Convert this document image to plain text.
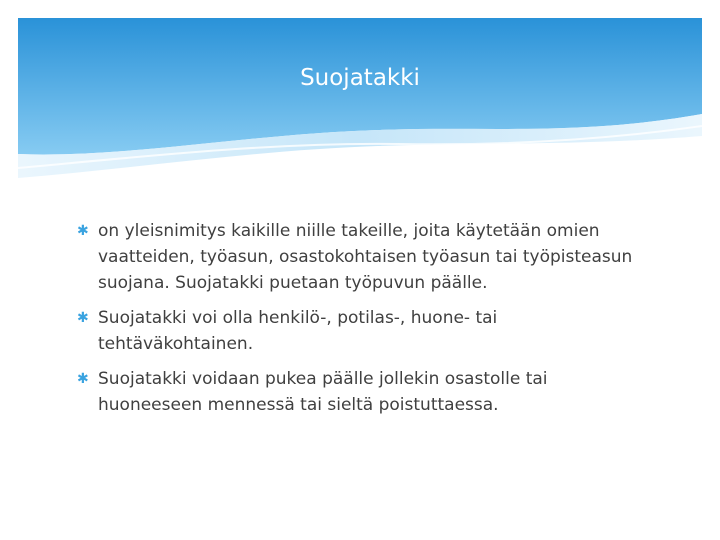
Suojatakki
✱ on yleisnimitys kaikille niille takeille, joita käytetään omien vaatteiden, työasun, osastokohtaisen työasun tai työpisteasun suojana. Suojatakki puetaan työpuvun päälle.
✱ Suojatakki voi olla henkilö-, potilas-, huone- tai tehtäväkohtainen.
✱ Suojatakki voidaan pukea päälle jollekin osastolle tai huoneeseen mennessä tai sieltä poistuttaessa.
